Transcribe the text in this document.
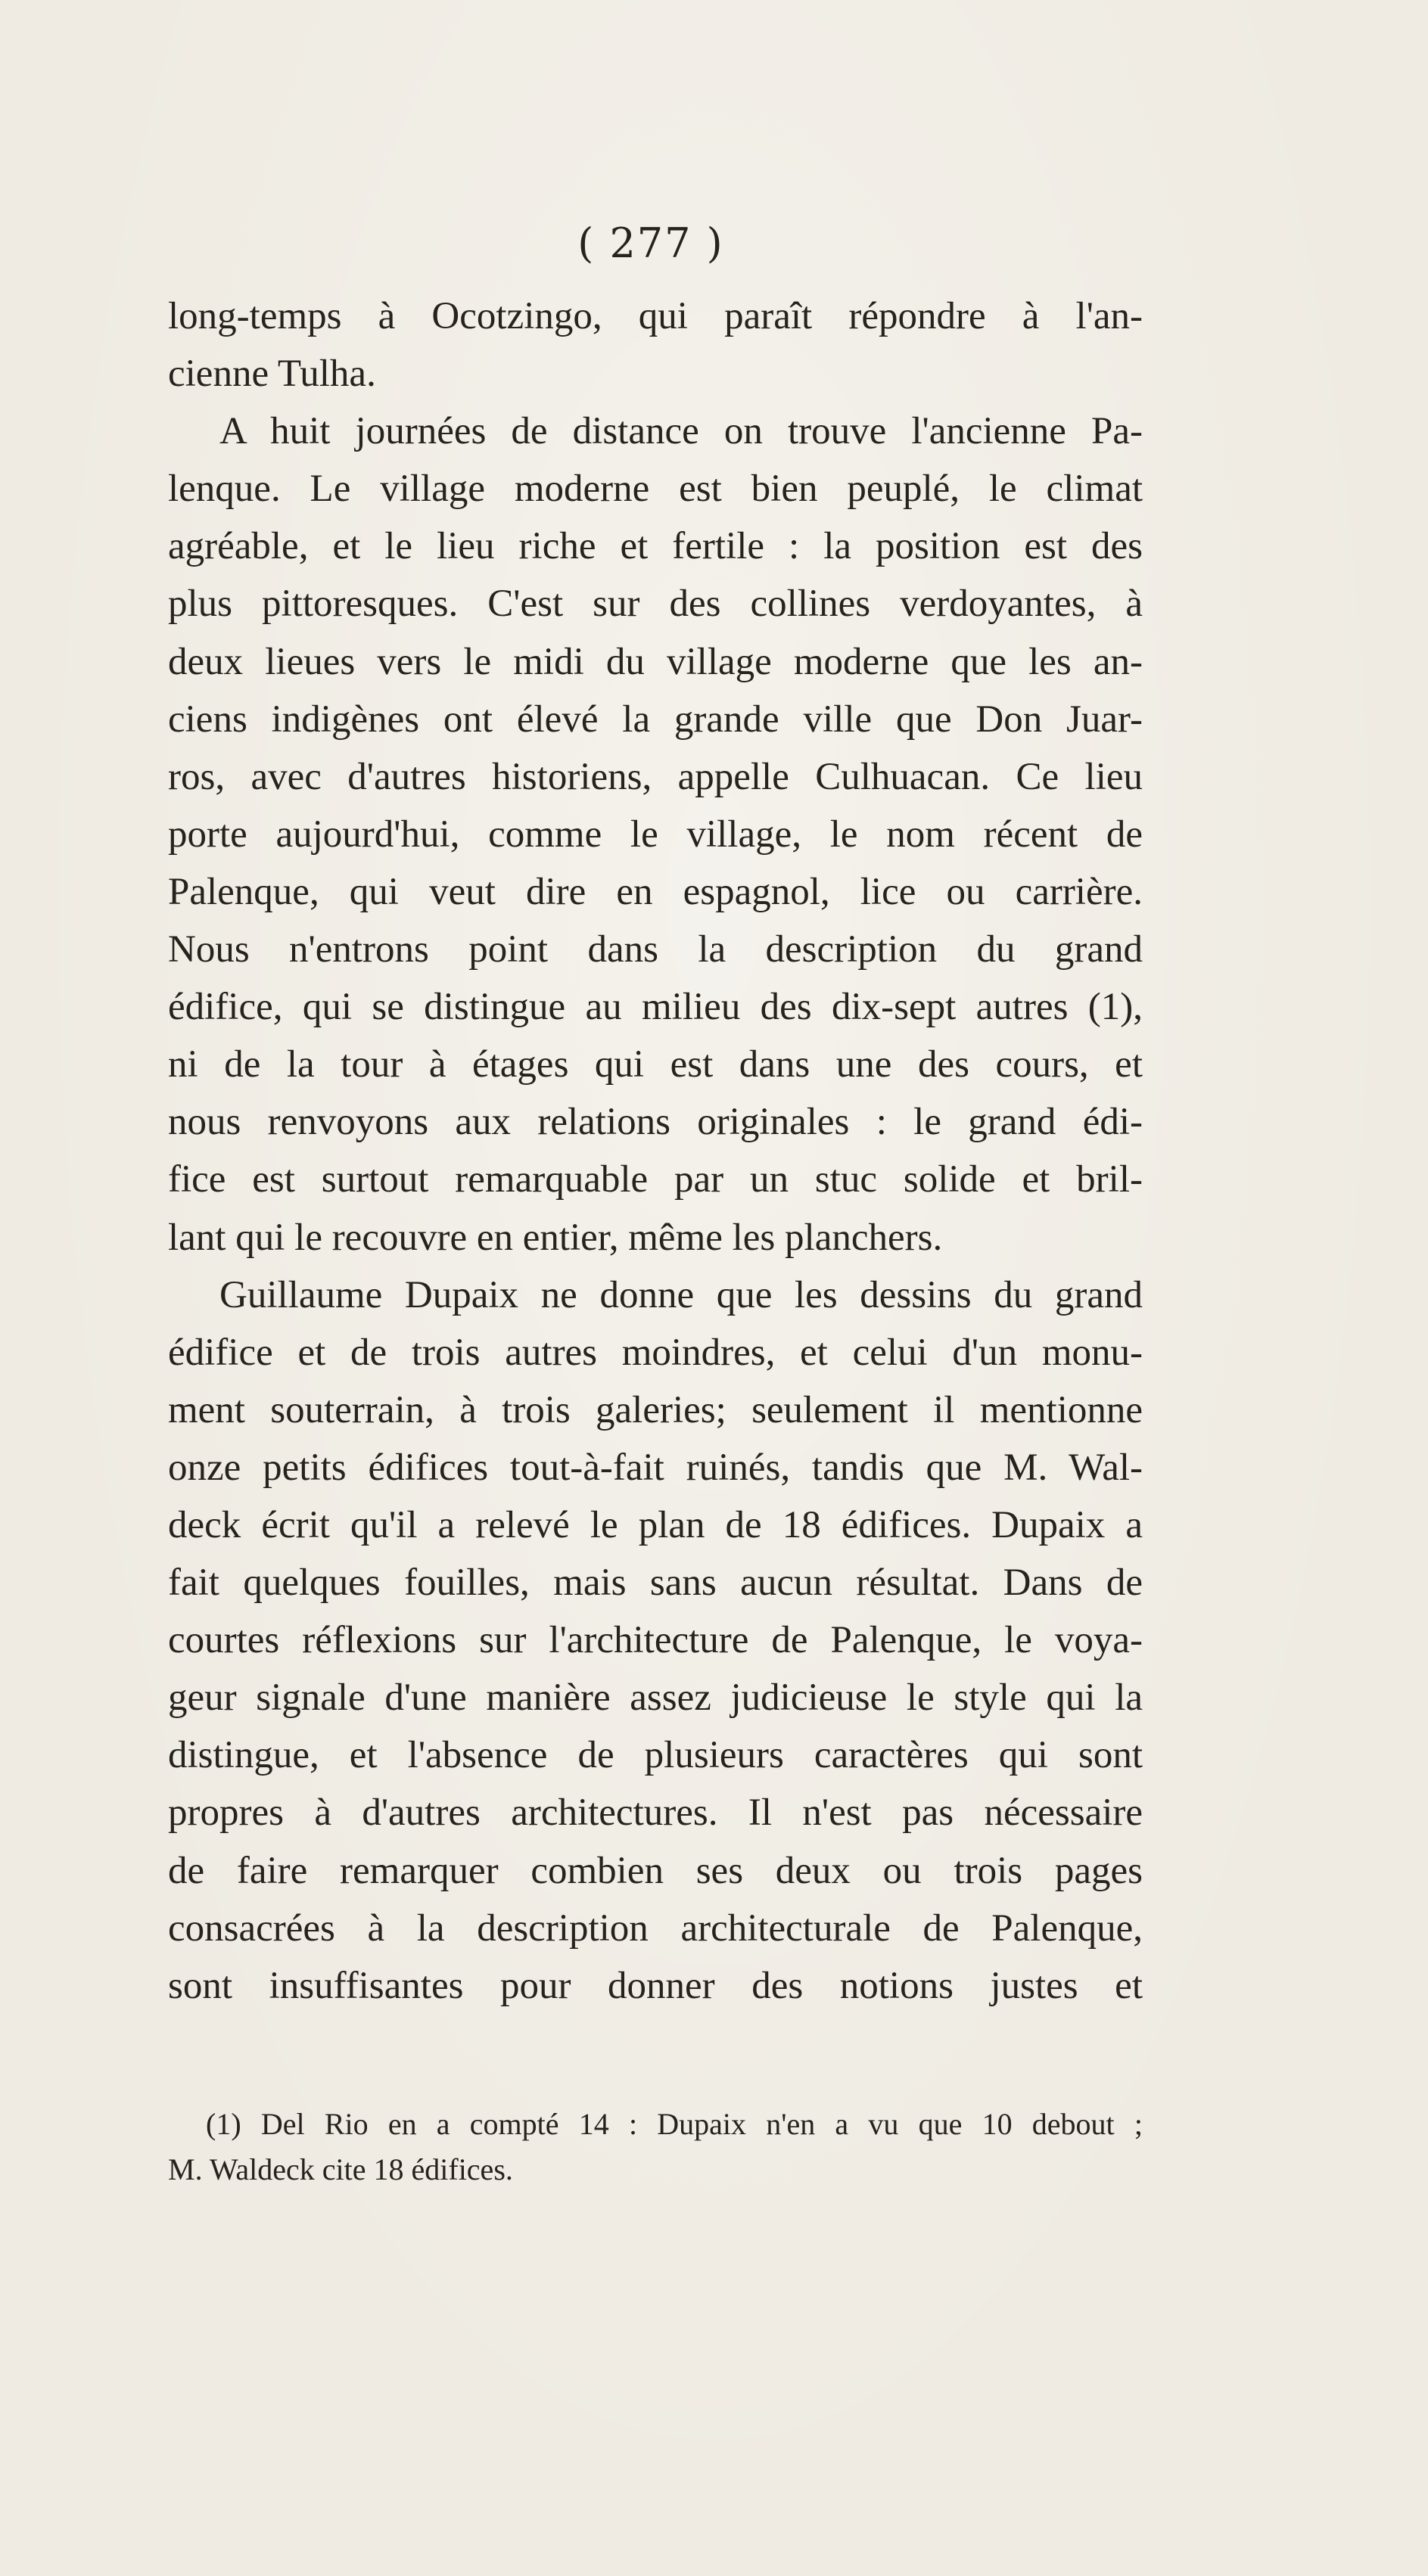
( 277 )
long-temps à Ocotzingo, qui paraît répondre à l'an-
cienne Tulha.
A huit journées de distance on trouve l'ancienne Pa-
lenque. Le village moderne est bien peuplé, le climat
agréable, et le lieu riche et fertile : la position est des
plus pittoresques. C'est sur des collines verdoyantes, à
deux lieues vers le midi du village moderne que les an-
ciens indigènes ont élevé la grande ville que Don Juar-
ros, avec d'autres historiens, appelle Culhuacan. Ce lieu
porte aujourd'hui, comme le village, le nom récent de
Palenque, qui veut dire en espagnol, lice ou carrière.
Nous n'entrons point dans la description du grand
édifice, qui se distingue au milieu des dix-sept autres (1),
ni de la tour à étages qui est dans une des cours, et
nous renvoyons aux relations originales : le grand édi-
fice est surtout remarquable par un stuc solide et bril-
lant qui le recouvre en entier, même les planchers.
Guillaume Dupaix ne donne que les dessins du grand
édifice et de trois autres moindres, et celui d'un monu-
ment souterrain, à trois galeries; seulement il mentionne
onze petits édifices tout-à-fait ruinés, tandis que M. Wal-
deck écrit qu'il a relevé le plan de 18 édifices. Dupaix a
fait quelques fouilles, mais sans aucun résultat. Dans de
courtes réflexions sur l'architecture de Palenque, le voya-
geur signale d'une manière assez judicieuse le style qui la
distingue, et l'absence de plusieurs caractères qui sont
propres à d'autres architectures. Il n'est pas nécessaire
de faire remarquer combien ses deux ou trois pages
consacrées à la description architecturale de Palenque,
sont insuffisantes pour donner des notions justes et
(1) Del Rio en a compté 14 : Dupaix n'en a vu que 10 debout ;
M. Waldeck cite 18 édifices.
